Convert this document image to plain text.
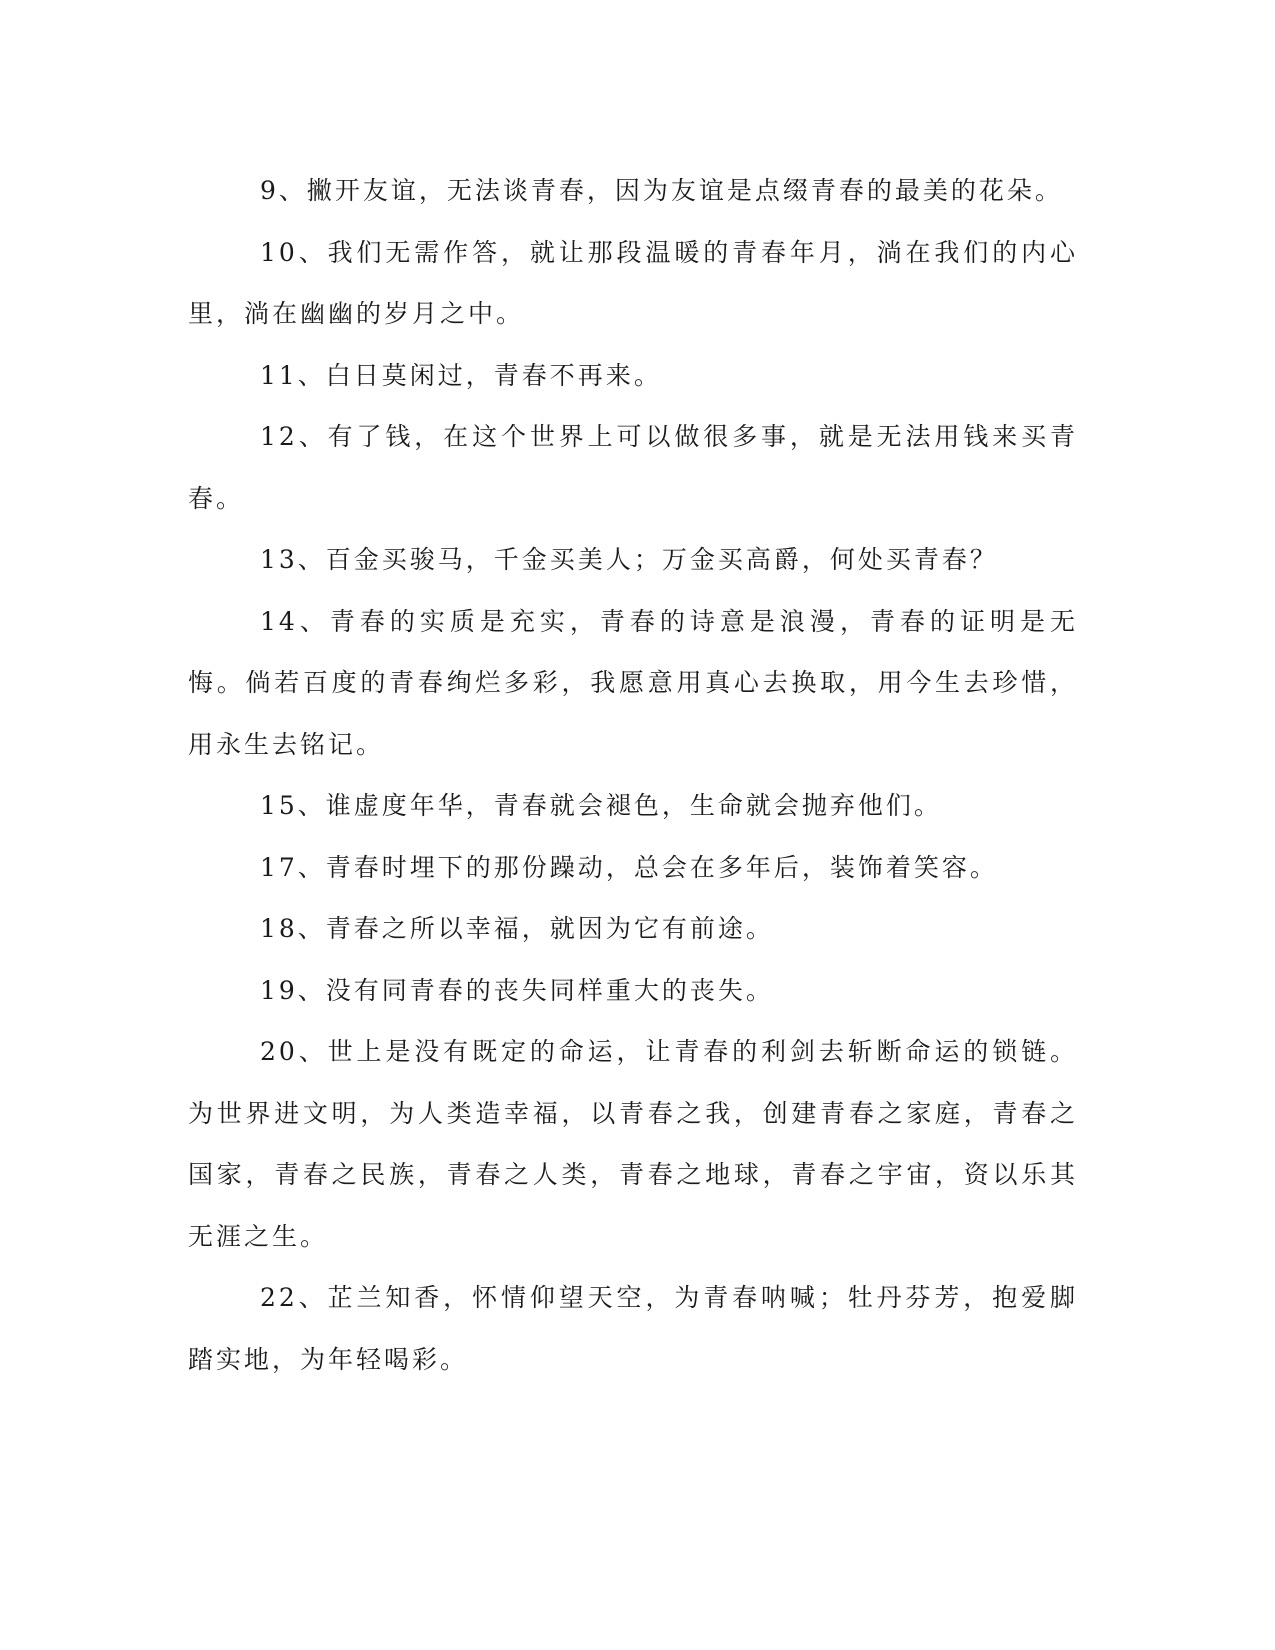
9、撇开友谊，无法谈青春，因为友谊是点缀青春的最美的花朵。

10、我们无需作答，就让那段温暖的青春年月，淌在我们的内心里，淌在幽幽的岁月之中。

11、白日莫闲过，青春不再来。

12、有了钱，在这个世界上可以做很多事，就是无法用钱来买青春。

13、百金买骏马，千金买美人；万金买高爵，何处买青春？

14、青春的实质是充实，青春的诗意是浪漫，青春的证明是无悔。倘若百度的青春绚烂多彩，我愿意用真心去换取，用今生去珍惜，用永生去铭记。

15、谁虚度年华，青春就会褪色，生命就会抛弃他们。

17、青春时埋下的那份躁动，总会在多年后，装饰着笑容。

18、青春之所以幸福，就因为它有前途。

19、没有同青春的丧失同样重大的丧失。

20、世上是没有既定的命运，让青春的利剑去斩断命运的锁链。为世界进文明，为人类造幸福，以青春之我，创建青春之家庭，青春之国家，青春之民族，青春之人类，青春之地球，青春之宇宙，资以乐其无涯之生。

22、芷兰知香，怀情仰望天空，为青春呐喊；牡丹芬芳，抱爱脚踏实地，为年轻喝彩。
